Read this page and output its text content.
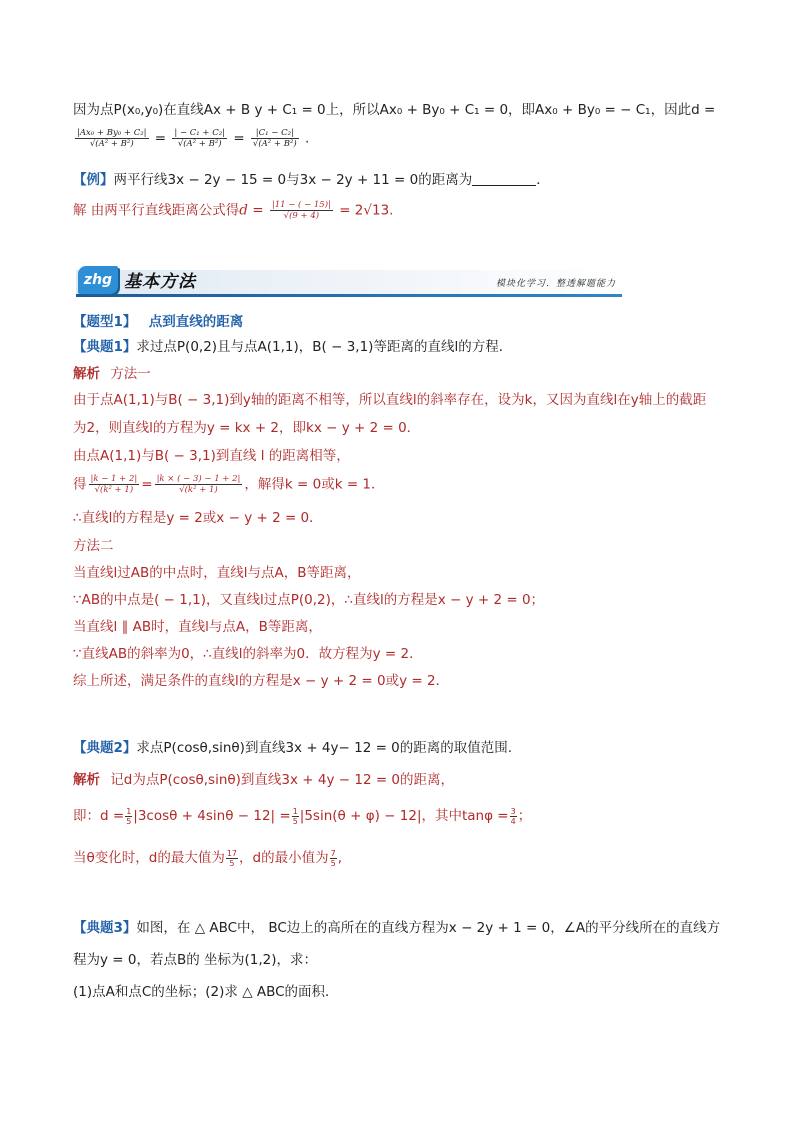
因为点P(x₀,y₀)在直线Ax + B y + C₁ = 0上，所以Ax₀ + By₀ + C₁ = 0，即Ax₀ + By₀ = − C₁，因此d =
$\frac{\text{|Ax₀ + By₀ + C₂|}}{\text{√(A² + B²)}} = \frac{\text{| − C₁ + C₂|}}{\text{√(A² + B²)}} = \frac{\text{|C₁ − C₂|}}{\text{√(A² + B²)}}$ .
【例】两平行线3x − 2y − 15 = 0与3x − 2y + 11 = 0的距离为	．
解 由两平行直线距离公式得$d = \frac{|11 - ( - 15)|}{√(9 + 4)} = 2√13$.
zhg 基本方法	模块化学习．整透解题能力
【题型1】 点到直线的距离
【典题1】求过点P(0,2)且与点A(1,1)，B( − 3,1)等距离的直线l的方程．
解析 方法一
由于点A(1,1)与B( − 3,1)到y轴的距离不相等，所以直线l的斜率存在，设为k，又因为直线l在y轴上的截距
为2，则直线l的方程为y = kx + 2，即kx − y + 2 = 0．
由点A(1,1)与B( − 3,1)到直线 l 的距离相等，
得 $\frac{|k - 1 + 2|}{\text{√(k² + 1)}} = \frac{|k \times ( - 3) - 1 + 2|}{\text{√(k² + 1)}}$ ，解得k = 0或k = 1．
∴直线l的方程是y = 2或x − y + 2 = 0．
方法二
当直线l过AB的中点时，直线l与点A，B等距离，
∵AB的中点是( − 1,1)，又直线l过点P(0,2)，∴直线l的方程是x − y + 2 = 0；
当直线l ∥ AB时，直线l与点A，B等距离，
∵直线AB的斜率为0，∴直线l的斜率为0．故方程为y = 2．
综上所述，满足条件的直线l的方程是x − y + 2 = 0或y = 2．
【典题2】求点P(cosθ,sinθ)到直线3x + 4y− 12 = 0的距离的取值范围.
解析 记d为点P(cosθ,sinθ)到直线3x + 4y − 12 = 0的距离，
即：$d = \frac{1}{5} |3\cos\theta + 4\sin\theta - 12| = \frac{1}{5} |5\sin(\theta + \varphi) - 12|$，其中$\tan\varphi = \frac{3}{4}$ ；
当θ变化时，d的最大值为 $\frac{17}{5}$ ，d的最小值为 $\frac{7}{5}$ ,
【典题3】如图，在 △ ABC中， BC边上的高所在的直线方程为x − 2y + 1 = 0，∠A的平分线所在的直线方
程为y = 0，若点B的 坐标为(1,2)，求：
(1)点A和点C的坐标；(2)求 △ ABC的面积．
